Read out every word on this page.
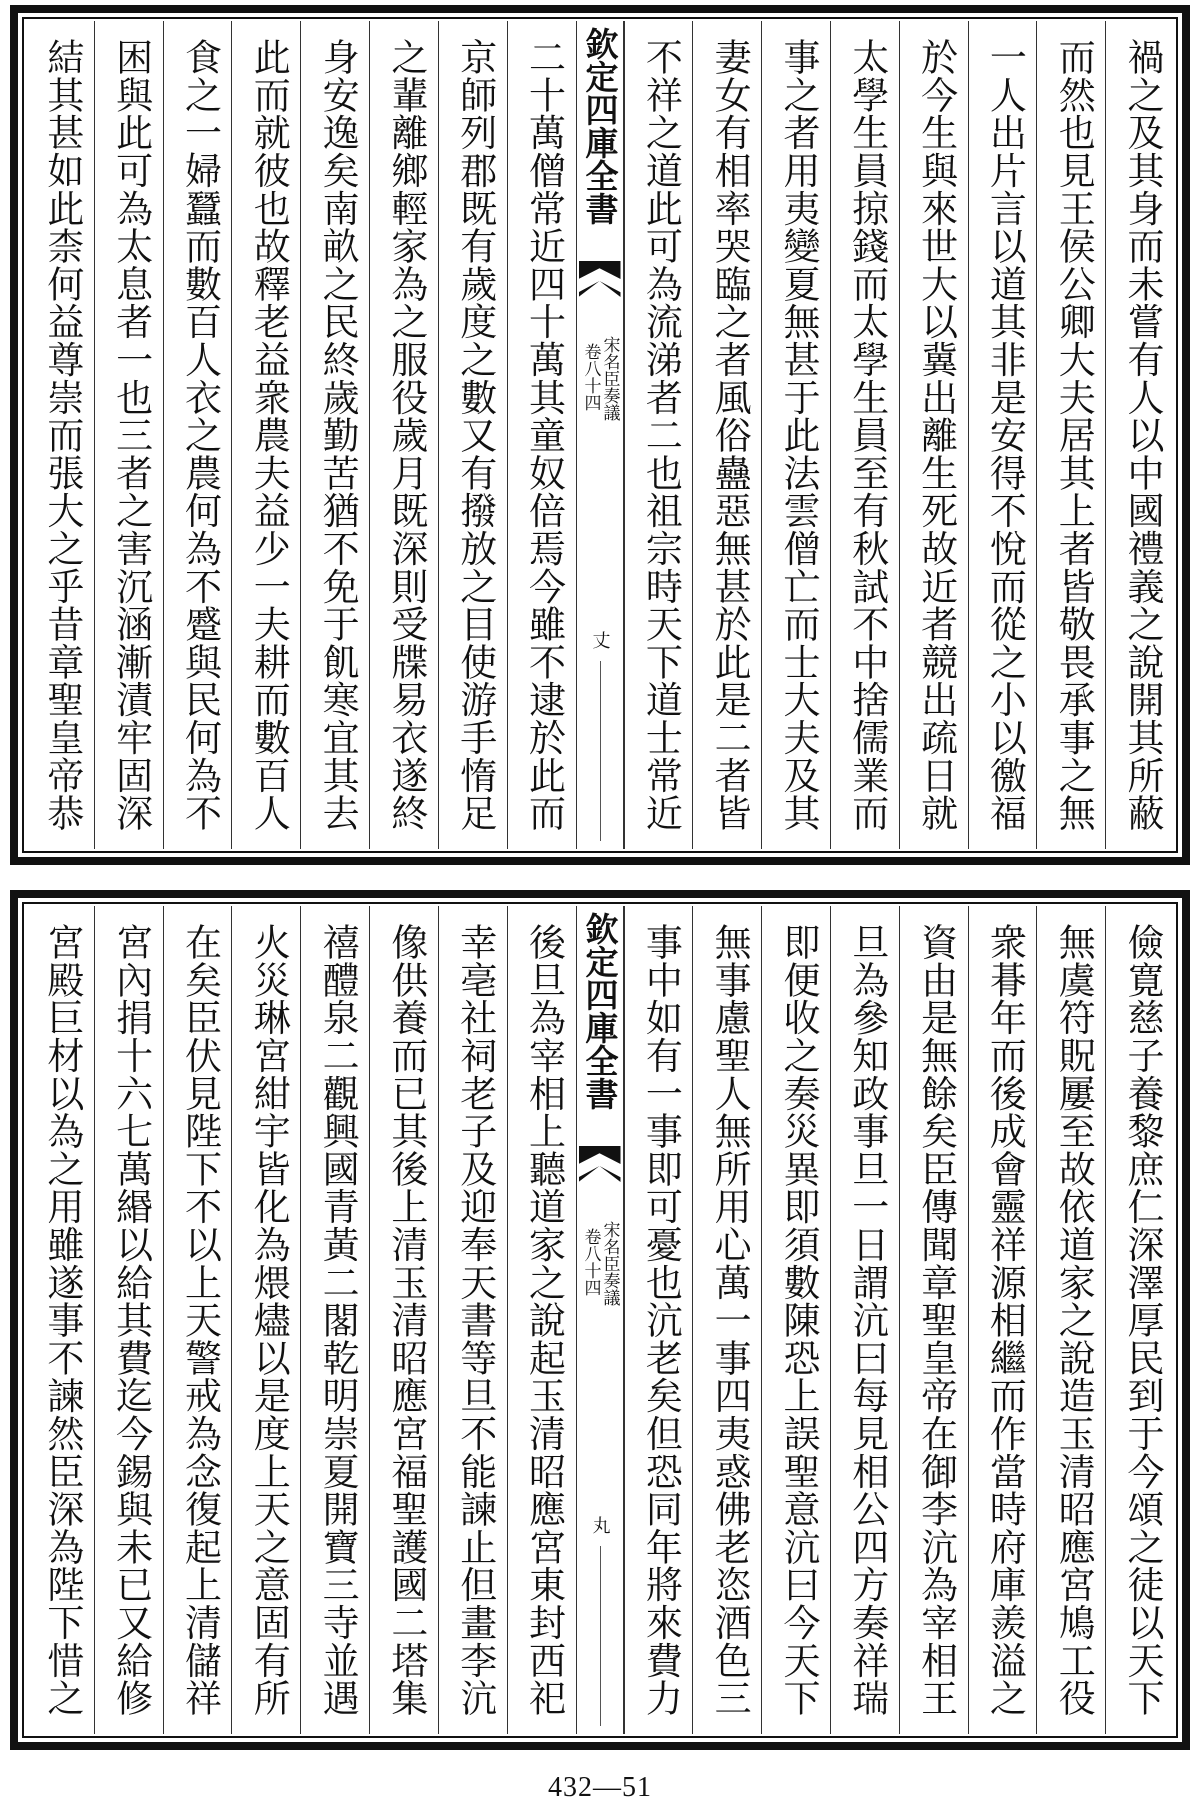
禍之及其身而未嘗有人以中國禮義之說開其所蔽
而然也見王侯公卿大夫居其上者皆敬畏承事之無
一人出片言以道其非是安得不悅而從之小以徼福
於今生與來世大以冀出離生死故近者競出疏日就
太學生員掠錢而太學生員至有秋試不中捨儒業而
事之者用夷變夏無甚于此法雲僧亡而士大夫及其
妻女有相率哭臨之者風俗蠱惡無甚於此是二者皆
不祥之道此可為流涕者二也祖宗時天下道士常近
欽定四庫全書
宋名臣奏議
卷八十四
丈
二十萬僧常近四十萬其童奴倍焉今雖不逮於此而
京師列郡既有歲度之數又有撥放之目使游手惰足
之輩離鄉輕家為之服役歲月既深則受牒易衣遂終
身安逸矣南畝之民終歲勤苦猶不免于飢寒宜其去
此而就彼也故釋老益衆農夫益少一夫耕而數百人
食之一婦蠶而數百人衣之農何為不蹙與民何為不
困與此可為太息者一也三者之害沉涵漸漬牢固深
結其甚如此柰何益尊崇而張大之乎昔章聖皇帝恭
儉寛慈子養黎庶仁深澤厚民到于今頌之徒以天下
無虞符貺屢至故依道家之說造玉清昭應宮鳩工役
衆朞年而後成會靈祥源相繼而作當時府庫羨溢之
資由是無餘矣臣傳聞章聖皇帝在御李沆為宰相王
旦為參知政事旦一日謂沆曰每見相公四方奏祥瑞
即便收之奏災異即須數陳恐上誤聖意沆曰今天下
無事慮聖人無所用心萬一事四夷惑佛老恣酒色三
事中如有一事即可憂也沆老矣但恐同年將來費力
欽定四庫全書
宋名臣奏議
卷八十四
丸
後旦為宰相上聽道家之說起玉清昭應宮東封西祀
幸亳社祠老子及迎奉天書等旦不能諫止但畫李沆
像供養而已其後上清玉清昭應宮福聖護國二塔集
禧醴泉二觀興國青黃二閣乾明崇夏開寶三寺並遇
火災琳宮紺宇皆化為煨燼以是度上天之意固有所
在矣臣伏見陛下不以上天警戒為念復起上清儲祥
宮內捐十六七萬緡以給其費迄今錫與未已又給修
宮殿巨材以為之用雖遂事不諫然臣深為陛下惜之
432—51
